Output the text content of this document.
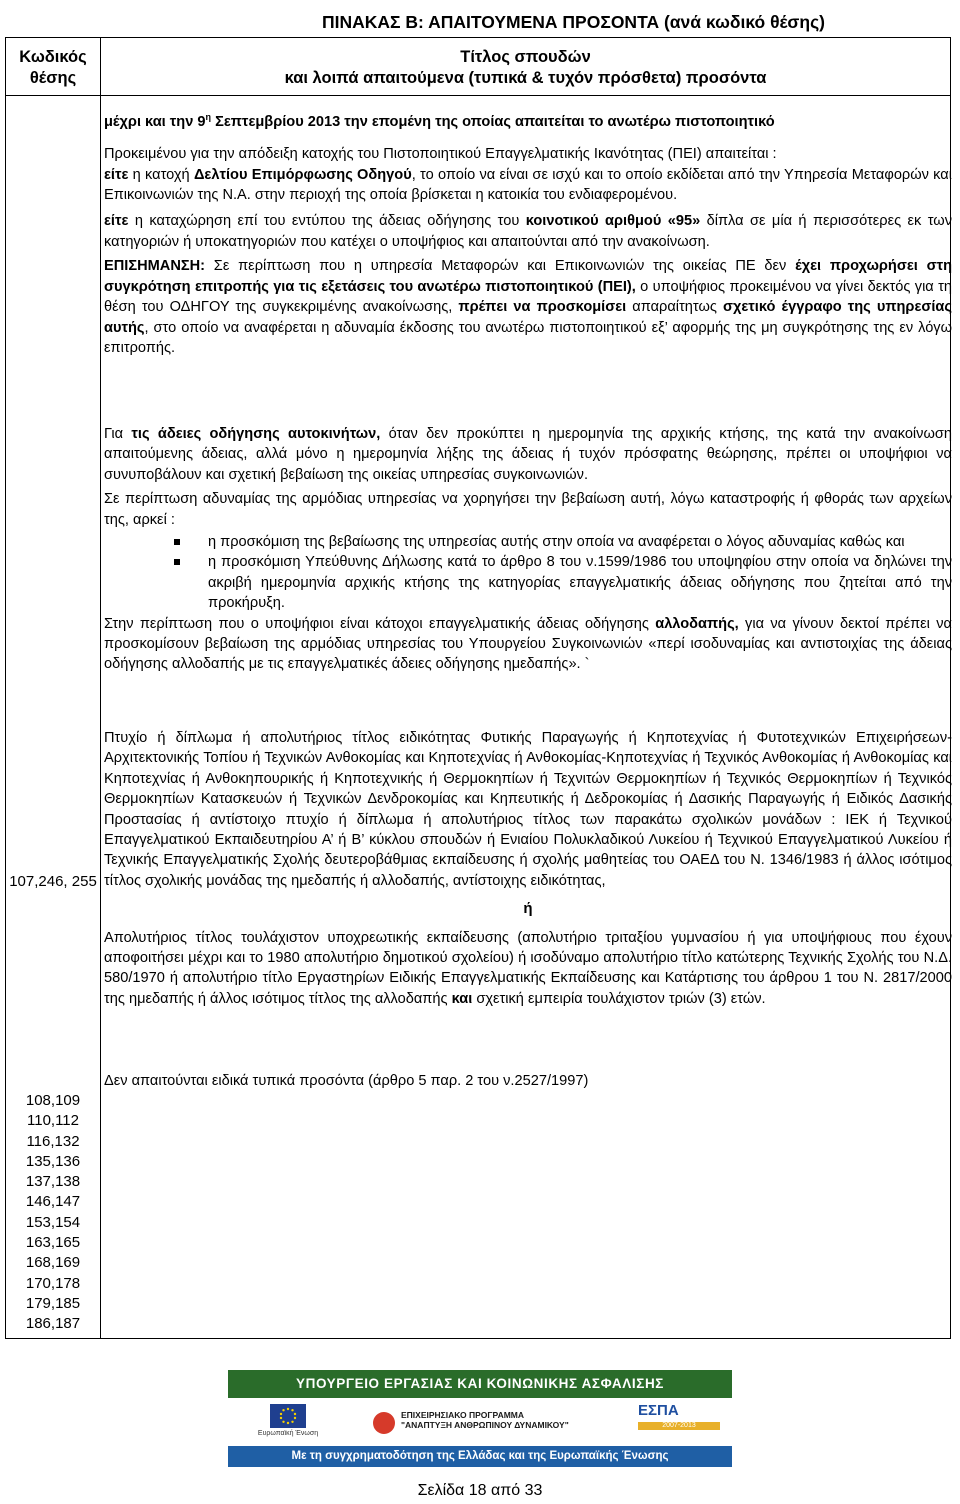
ΠΙΝΑΚΑΣ Β: ΑΠΑΙΤΟΥΜΕΝΑ ΠΡΟΣΟΝΤΑ (ανά κωδικό θέσης)
Κωδικός
θέσης
Τίτλος σπουδών
και λοιπά απαιτούμενα (τυπικά & τυχόν πρόσθετα) προσόντα
107,246, 255
108,109
110,112
116,132
135,136
137,138
146,147
153,154
163,165
168,169
170,178
179,185
186,187

μέχρι και την $9^\eta$ Σεπτεμβρίου 2013 την επομένη της οποίας απαιτείται το ανωτέρω πιστοποιητικό

Προκειμένου για την απόδειξη κατοχής του Πιστοποιητικού Επαγγελματικής Ικανότητας (ΠΕΙ) απαιτείται :

είτε η κατοχή Δελτίου Επιμόρφωσης Οδηγού, το οποίο να είναι σε ισχύ και το οποίο εκδίδεται από την Υπηρεσία Μεταφορών και Επικοινωνιών της Ν.Α. στην περιοχή της οποία βρίσκεται η κατοικία του ενδιαφερομένου.

είτε η καταχώρηση επί του εντύπου της άδειας οδήγησης του κοινοτικού αριθμού «95» δίπλα σε μία ή περισσότερες εκ των κατηγοριών ή υποκατηγοριών που κατέχει ο υποψήφιος και απαιτούνται από την ανακοίνωση.

ΕΠΙΣΗΜΑΝΣΗ: Σε περίπτωση που η υπηρεσία Μεταφορών και Επικοινωνιών της οικείας ΠΕ δεν έχει προχωρήσει στη συγκρότηση επιτροπής για τις εξετάσεις του ανωτέρω πιστοποιητικού (ΠΕΙ), ο υποψήφιος προκειμένου να γίνει δεκτός για τη θέση του ΟΔΗΓΟΥ της συγκεκριμένης ανακοίνωσης, πρέπει να προσκομίσει απαραίτητως σχετικό έγγραφο της υπηρεσίας αυτής, στο οποίο να αναφέρεται η αδυναμία έκδοσης του ανωτέρω πιστοποιητικού εξ’ αφορμής της μη συγκρότησης της εν λόγω επιτροπής.

Για τις άδειες οδήγησης αυτοκινήτων, όταν δεν προκύπτει η ημερομηνία της αρχικής κτήσης, της κατά την ανακοίνωση απαιτούμενης άδειας, αλλά μόνο η ημερομηνία λήξης της άδειας ή τυχόν πρόσφατης θεώρησης, πρέπει οι υποψήφιοι να συνυποβάλουν και σχετική βεβαίωση της οικείας υπηρεσίας συγκοινωνιών.

Σε περίπτωση αδυναμίας της αρμόδιας υπηρεσίας να χορηγήσει την βεβαίωση αυτή, λόγω καταστροφής ή φθοράς των αρχείων της, αρκεί :

η προσκόμιση της βεβαίωσης της υπηρεσίας αυτής στην οποία να αναφέρεται ο λόγος αδυναμίας καθώς και
η προσκόμιση Υπεύθυνης Δήλωσης κατά το άρθρο 8 του ν.1599/1986 του υποψηφίου στην οποία να δηλώνει την ακριβή ημερομηνία αρχικής κτήσης της κατηγορίας επαγγελματικής άδειας οδήγησης που ζητείται από την προκήρυξη.

Στην περίπτωση που ο υποψήφιοι είναι κάτοχοι επαγγελματικής άδειας οδήγησης αλλοδαπής, για να γίνουν δεκτοί πρέπει να προσκομίσουν βεβαίωση της αρμόδιας υπηρεσίας του Υπουργείου Συγκοινωνιών «περί ισοδυναμίας και αντιστοιχίας της άδειας οδήγησης αλλοδαπής με τις επαγγελματικές άδειες οδήγησης ημεδαπής». `

Πτυχίο ή δίπλωμα ή απολυτήριος τίτλος ειδικότητας Φυτικής Παραγωγής ή Κηποτεχνίας ή Φυτοτεχνικών Επιχειρήσεων- Αρχιτεκτονικής Τοπίου ή Τεχνικών Ανθοκομίας και Κηποτεχνίας ή Ανθοκομίας-Κηποτεχνίας ή Τεχνικός Ανθοκομίας ή Ανθοκομίας και Κηποτεχνίας ή Ανθοκηπουρικής ή Κηποτεχνικής ή Θερμοκηπίων ή Τεχνιτών Θερμοκηπίων ή Τεχνικός Θερμοκηπίων ή Τεχνικός Θερμοκηπίων Κατασκευών ή Τεχνικών Δενδροκομίας και Κηπευτικής ή Δεδροκομίας ή Δασικής Παραγωγής ή Ειδικός Δασικής Προστασίας ή αντίστοιχο πτυχίο ή δίπλωμα ή απολυτήριος τίτλος των παρακάτω σχολικών μονάδων : ΙΕΚ ή Τεχνικού Επαγγελματικού Εκπαιδευτηρίου Α’ ή Β’ κύκλου σπουδών ή Ενιαίου Πολυκλαδικού Λυκείου ή Τεχνικού Επαγγελματικού Λυκείου ή Τεχνικής Επαγγελματικής Σχολής δευτεροβάθμιας εκπαίδευσης ή σχολής μαθητείας του ΟΑΕΔ του Ν. 1346/1983 ή άλλος ισότιμος τίτλος σχολικής μονάδας της ημεδαπής ή αλλοδαπής, αντίστοιχης ειδικότητας,

ή

Απολυτήριος τίτλος τουλάχιστον υποχρεωτικής εκπαίδευσης (απολυτήριο τριταξίου γυμνασίου ή για υποψήφιους που έχουν αποφοιτήσει μέχρι και το 1980 απολυτήριο δημοτικού σχολείου) ή ισοδύναμο απολυτήριο τίτλο κατώτερης Τεχνικής Σχολής του Ν.Δ. 580/1970 ή απολυτήριο τίτλο Εργαστηρίων Ειδικής Επαγγελματικής Εκπαίδευσης και Κατάρτισης του άρθρου 1 του Ν. 2817/2000 της ημεδαπής ή άλλος ισότιμος τίτλος της αλλοδαπής και σχετική εμπειρία τουλάχιστον τριών (3) ετών.

Δεν απαιτούνται ειδικά τυπικά προσόντα (άρθρο 5 παρ. 2 του ν.2527/1997)

ΥΠΟΥΡΓΕΙΟ ΕΡΓΑΣΙΑΣ ΚΑΙ ΚΟΙΝΩΝΙΚΗΣ ΑΣΦΑΛΙΣΗΣ
Ευρωπαϊκή Ένωση
ΕΠΙΧΕΙΡΗΣΙΑΚΟ ΠΡΟΓΡΑΜΜΑ
"ΑΝΑΠΤΥΞΗ ΑΝΘΡΩΠΙΝΟΥ ΔΥΝΑΜΙΚΟΥ"
ΕΣΠΑ
2007-2013
Με τη συγχρηματοδότηση της Ελλάδας και της Ευρωπαϊκής Ένωσης
Σελίδα 18 από 33
